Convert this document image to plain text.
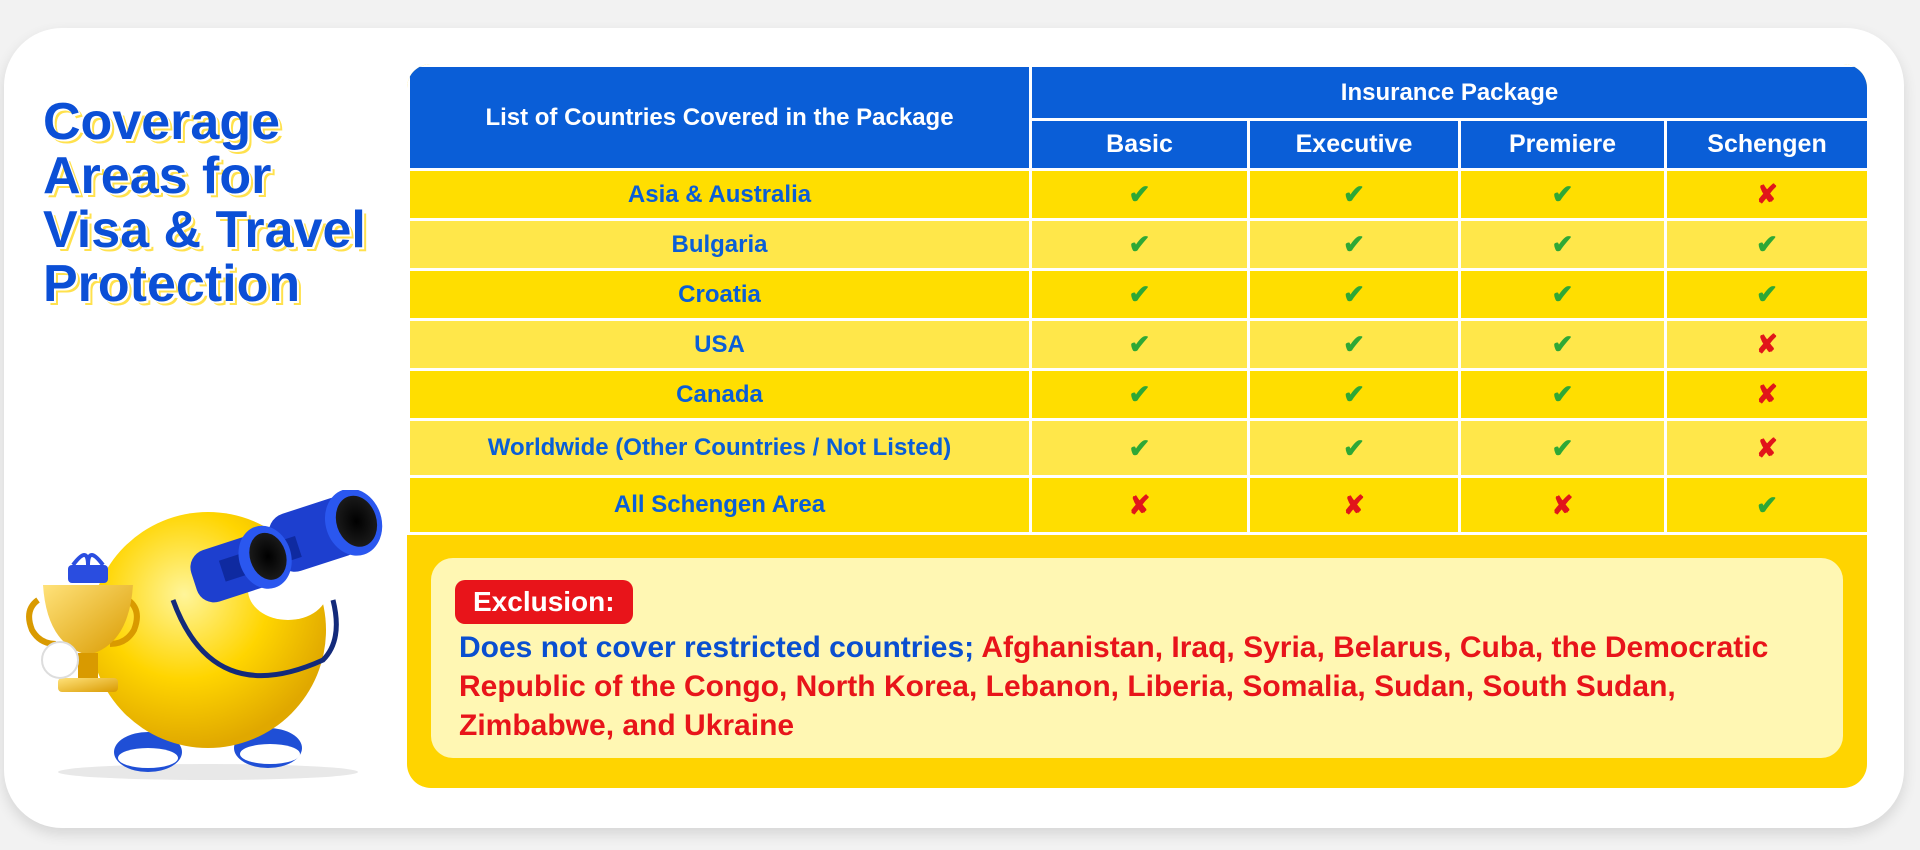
Coverage
Areas for
Visa & Travel
Protection
List of Countries Covered in the Package	Insurance Package			
	Basic	Executive	Premiere	Schengen
Asia & Australia	✔	✔	✔	✘
Bulgaria	✔	✔	✔	✔
Croatia	✔	✔	✔	✔
USA	✔	✔	✔	✘
Canada	✔	✔	✔	✘
Worldwide (Other Countries / Not Listed)	✔	✔	✔	✘
All Schengen Area	✘	✘	✘	✔
Exclusion:
Does not cover restricted countries; Afghanistan, Iraq, Syria, Belarus, Cuba, the Democratic Republic of the Congo, North Korea, Lebanon, Liberia, Somalia, Sudan, South Sudan, Zimbabwe, and Ukraine
